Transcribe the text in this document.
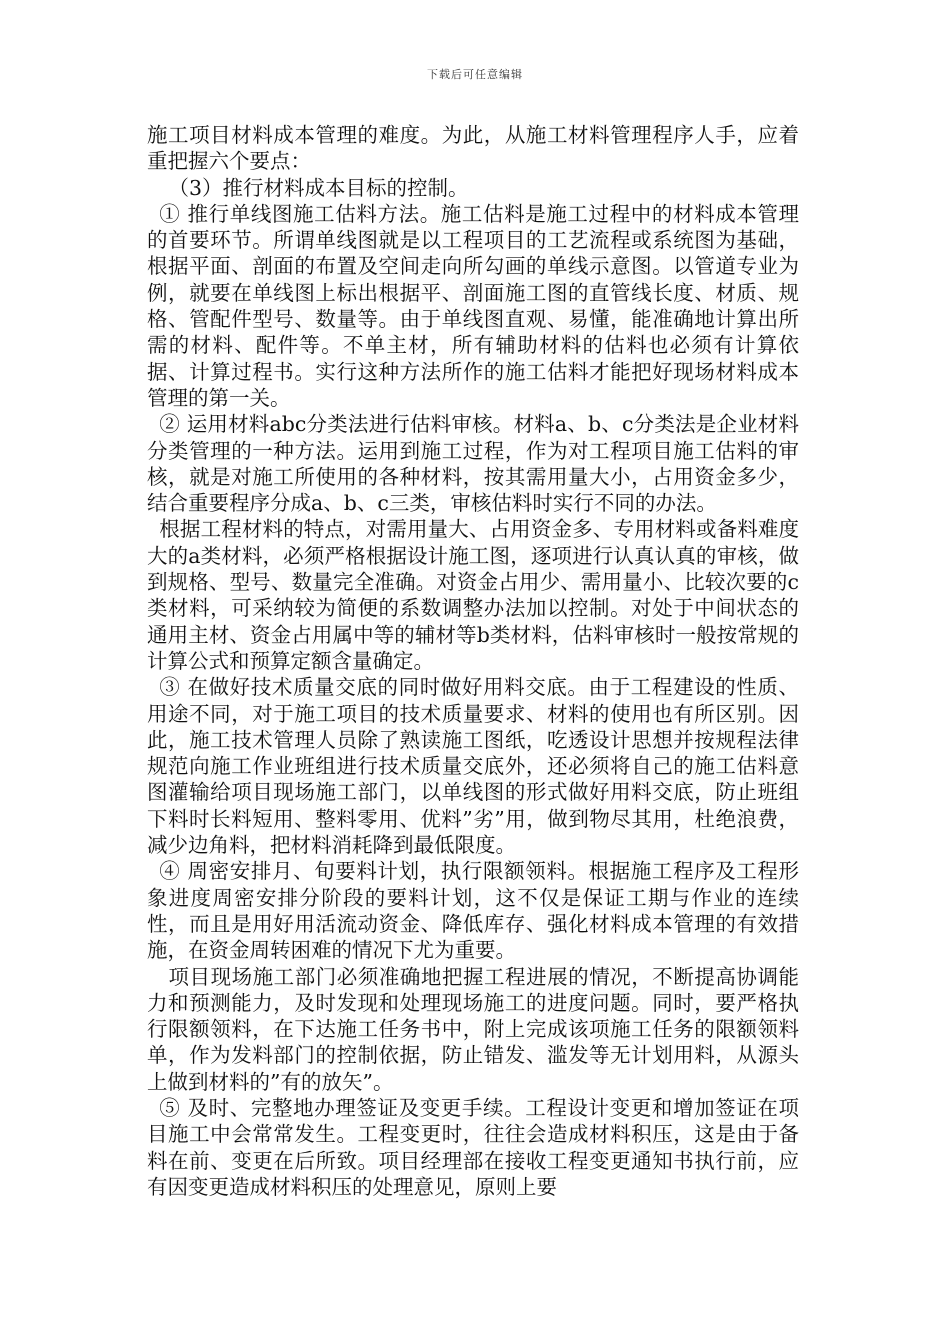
下载后可任意编辑

施工项目材料成本管理的难度。为此，从施工材料管理程序人手，应着重把握六个要点：

（3）推行材料成本目标的控制。

① 推行单线图施工估料方法。施工估料是施工过程中的材料成本管理的首要环节。所谓单线图就是以工程项目的工艺流程或系统图为基础，根据平面、剖面的布置及空间走向所勾画的单线示意图。以管道专业为例，就要在单线图上标出根据平、剖面施工图的直管线长度、材质、规格、管配件型号、数量等。由于单线图直观、易懂，能准确地计算出所需的材料、配件等。不单主材，所有辅助材料的估料也必须有计算依据、计算过程书。实行这种方法所作的施工估料才能把好现场材料成本管理的第一关。

② 运用材料abc分类法进行估料审核。材料a、b、c分类法是企业材料分类管理的一种方法。运用到施工过程，作为对工程项目施工估料的审核，就是对施工所使用的各种材料，按其需用量大小，占用资金多少，结合重要程序分成a、b、c三类，审核估料时实行不同的办法。

根据工程材料的特点，对需用量大、占用资金多、专用材料或备料难度大的a类材料，必须严格根据设计施工图，逐项进行认真认真的审核，做到规格、型号、数量完全准确。对资金占用少、需用量小、比较次要的c类材料，可采纳较为简便的系数调整办法加以控制。对处于中间状态的通用主材、资金占用属中等的辅材等b类材料，估料审核时一般按常规的计算公式和预算定额含量确定。

③ 在做好技术质量交底的同时做好用料交底。由于工程建设的性质、用途不同，对于施工项目的技术质量要求、材料的使用也有所区别。因此，施工技术管理人员除了熟读施工图纸，吃透设计思想并按规程法律规范向施工作业班组进行技术质量交底外，还必须将自己的施工估料意图灌输给项目现场施工部门，以单线图的形式做好用料交底，防止班组下料时长料短用、整料零用、优料”劣”用，做到物尽其用，杜绝浪费，减少边角料，把材料消耗降到最低限度。

④ 周密安排月、旬要料计划，执行限额领料。根据施工程序及工程形象进度周密安排分阶段的要料计划，这不仅是保证工期与作业的连续性，而且是用好用活流动资金、降低库存、强化材料成本管理的有效措施，在资金周转困难的情况下尤为重要。

项目现场施工部门必须准确地把握工程进展的情况，不断提高协调能力和预测能力，及时发现和处理现场施工的进度问题。同时，要严格执行限额领料，在下达施工任务书中，附上完成该项施工任务的限额领料单，作为发料部门的控制依据，防止错发、滥发等无计划用料，从源头上做到材料的”有的放矢”。

⑤ 及时、完整地办理签证及变更手续。工程设计变更和增加签证在项目施工中会常常发生。工程变更时，往往会造成材料积压，这是由于备料在前、变更在后所致。项目经理部在接收工程变更通知书执行前，应有因变更造成材料积压的处理意见，原则上要
